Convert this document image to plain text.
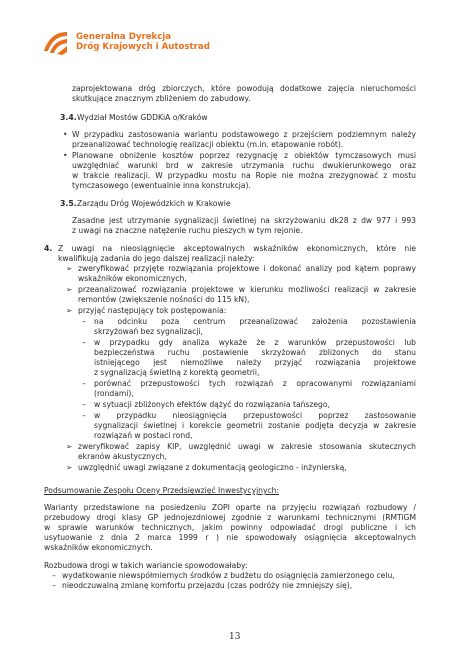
Generalna Dyrekcja
Dróg Krajowych i Autostrad
zaprojektowana dróg zbiorczych, które powodują dodatkowe zajęcia nieruchomości
skutkujące znacznym zbliżeniem do zabudowy.
3.4. Wydział Mostów GDDKiA o/Kraków
• W przypadku zastosowania wariantu podstawowego z przejściem podziemnym należy
przeanalizować technologię realizacji obiektu (m.in. etapowanie robót).
• Planowane obniżenie kosztów poprzez rezygnację z obiektów tymczasowych musi
uwzględniać warunki brd w zakresie utrzymania ruchu dwukierunkowego oraz
w trakcie realizacji. W przypadku mostu na Ropie nie można zrezygnować z mostu
tymczasowego (ewentualnie inna konstrukcja).
3.5. Zarządu Dróg Wojewódzkich w Krakowie
Zasadne jest utrzymanie sygnalizacji świetlnej na skrzyżowaniu dk28 z dw 977 i 993
z uwagi na znaczne natężenie ruchu pieszych w tym rejonie.
4. Z uwagi na nieosiągnięcie akceptowalnych wskaźników ekonomicznych, które nie
kwalifikują zadania do jego dalszej realizacji należy:
➢ zweryfikować przyjęte rozwiązania projektowe i dokonać analizy pod kątem poprawy
wskaźników ekonomicznych,
➢ przeanalizować rozwiązania projektowe w kierunku możliwości realizacji w zakresie
remontów (zwiększenie nośności do 115 kN),
➢ przyjąć następujący tok postępowania:
– na odcinku poza centrum przeanalizować założenia pozostawienia
skrzyżowań bez sygnalizacji,
– w przypadku gdy analiza wykaże że z warunków przepustowości lub
bezpieczeństwa ruchu postawienie skrzyżowań zbliżonych do stanu
istniejącego jest niemożliwe należy przyjąć rozwiązania projektowe
z sygnalizacją świetlną z korektą geometrii,
– porównać przepustowości tych rozwiązań z opracowanymi rozwiązaniami
(rondami),
– w sytuacji zbliżonych efektów dążyć do rozwiązania tańszego,
– w przypadku nieosiągnięcia przepustowości poprzez zastosowanie
sygnalizacji świetlnej i korekcie geometrii zostanie podjęta decyzja w zakresie
rozwiązań w postaci rond,
➢ zweryfikować zapisy KIP, uwzględnić uwagi w zakresie stosowania skutecznych
ekranów akustycznych,
➢ uwzględnić uwagi związane z dokumentacją geologiczno - inżynierską,
Podsumowanie Zespołu Oceny Przedsięwzięć Inwestycyjnych:
Warianty przedstawione na posiedzeniu ZOPI oparte na przyjęciu rozwiązań rozbudowy /
przebudowy drogi klasy GP jednojezdniowej zgodnie z warunkami technicznymi (RMTiGM
w sprawie warunków technicznych, jakim powinny odpowiadać drogi publiczne i ich
usytuowanie z dnia 2 marca 1999 r ) nie spowodowały osiągnięcia akceptowalnych
wskaźników ekonomicznych.
Rozbudowa drogi w takich wariancie spowodowałaby:
– wydatkowanie niewspółmiernych środków z budżetu do osiągnięcia zamierzonego celu,
– nieodczuwalną zmianę komfortu przejazdu (czas podróży nie zmniejszy się),
13
